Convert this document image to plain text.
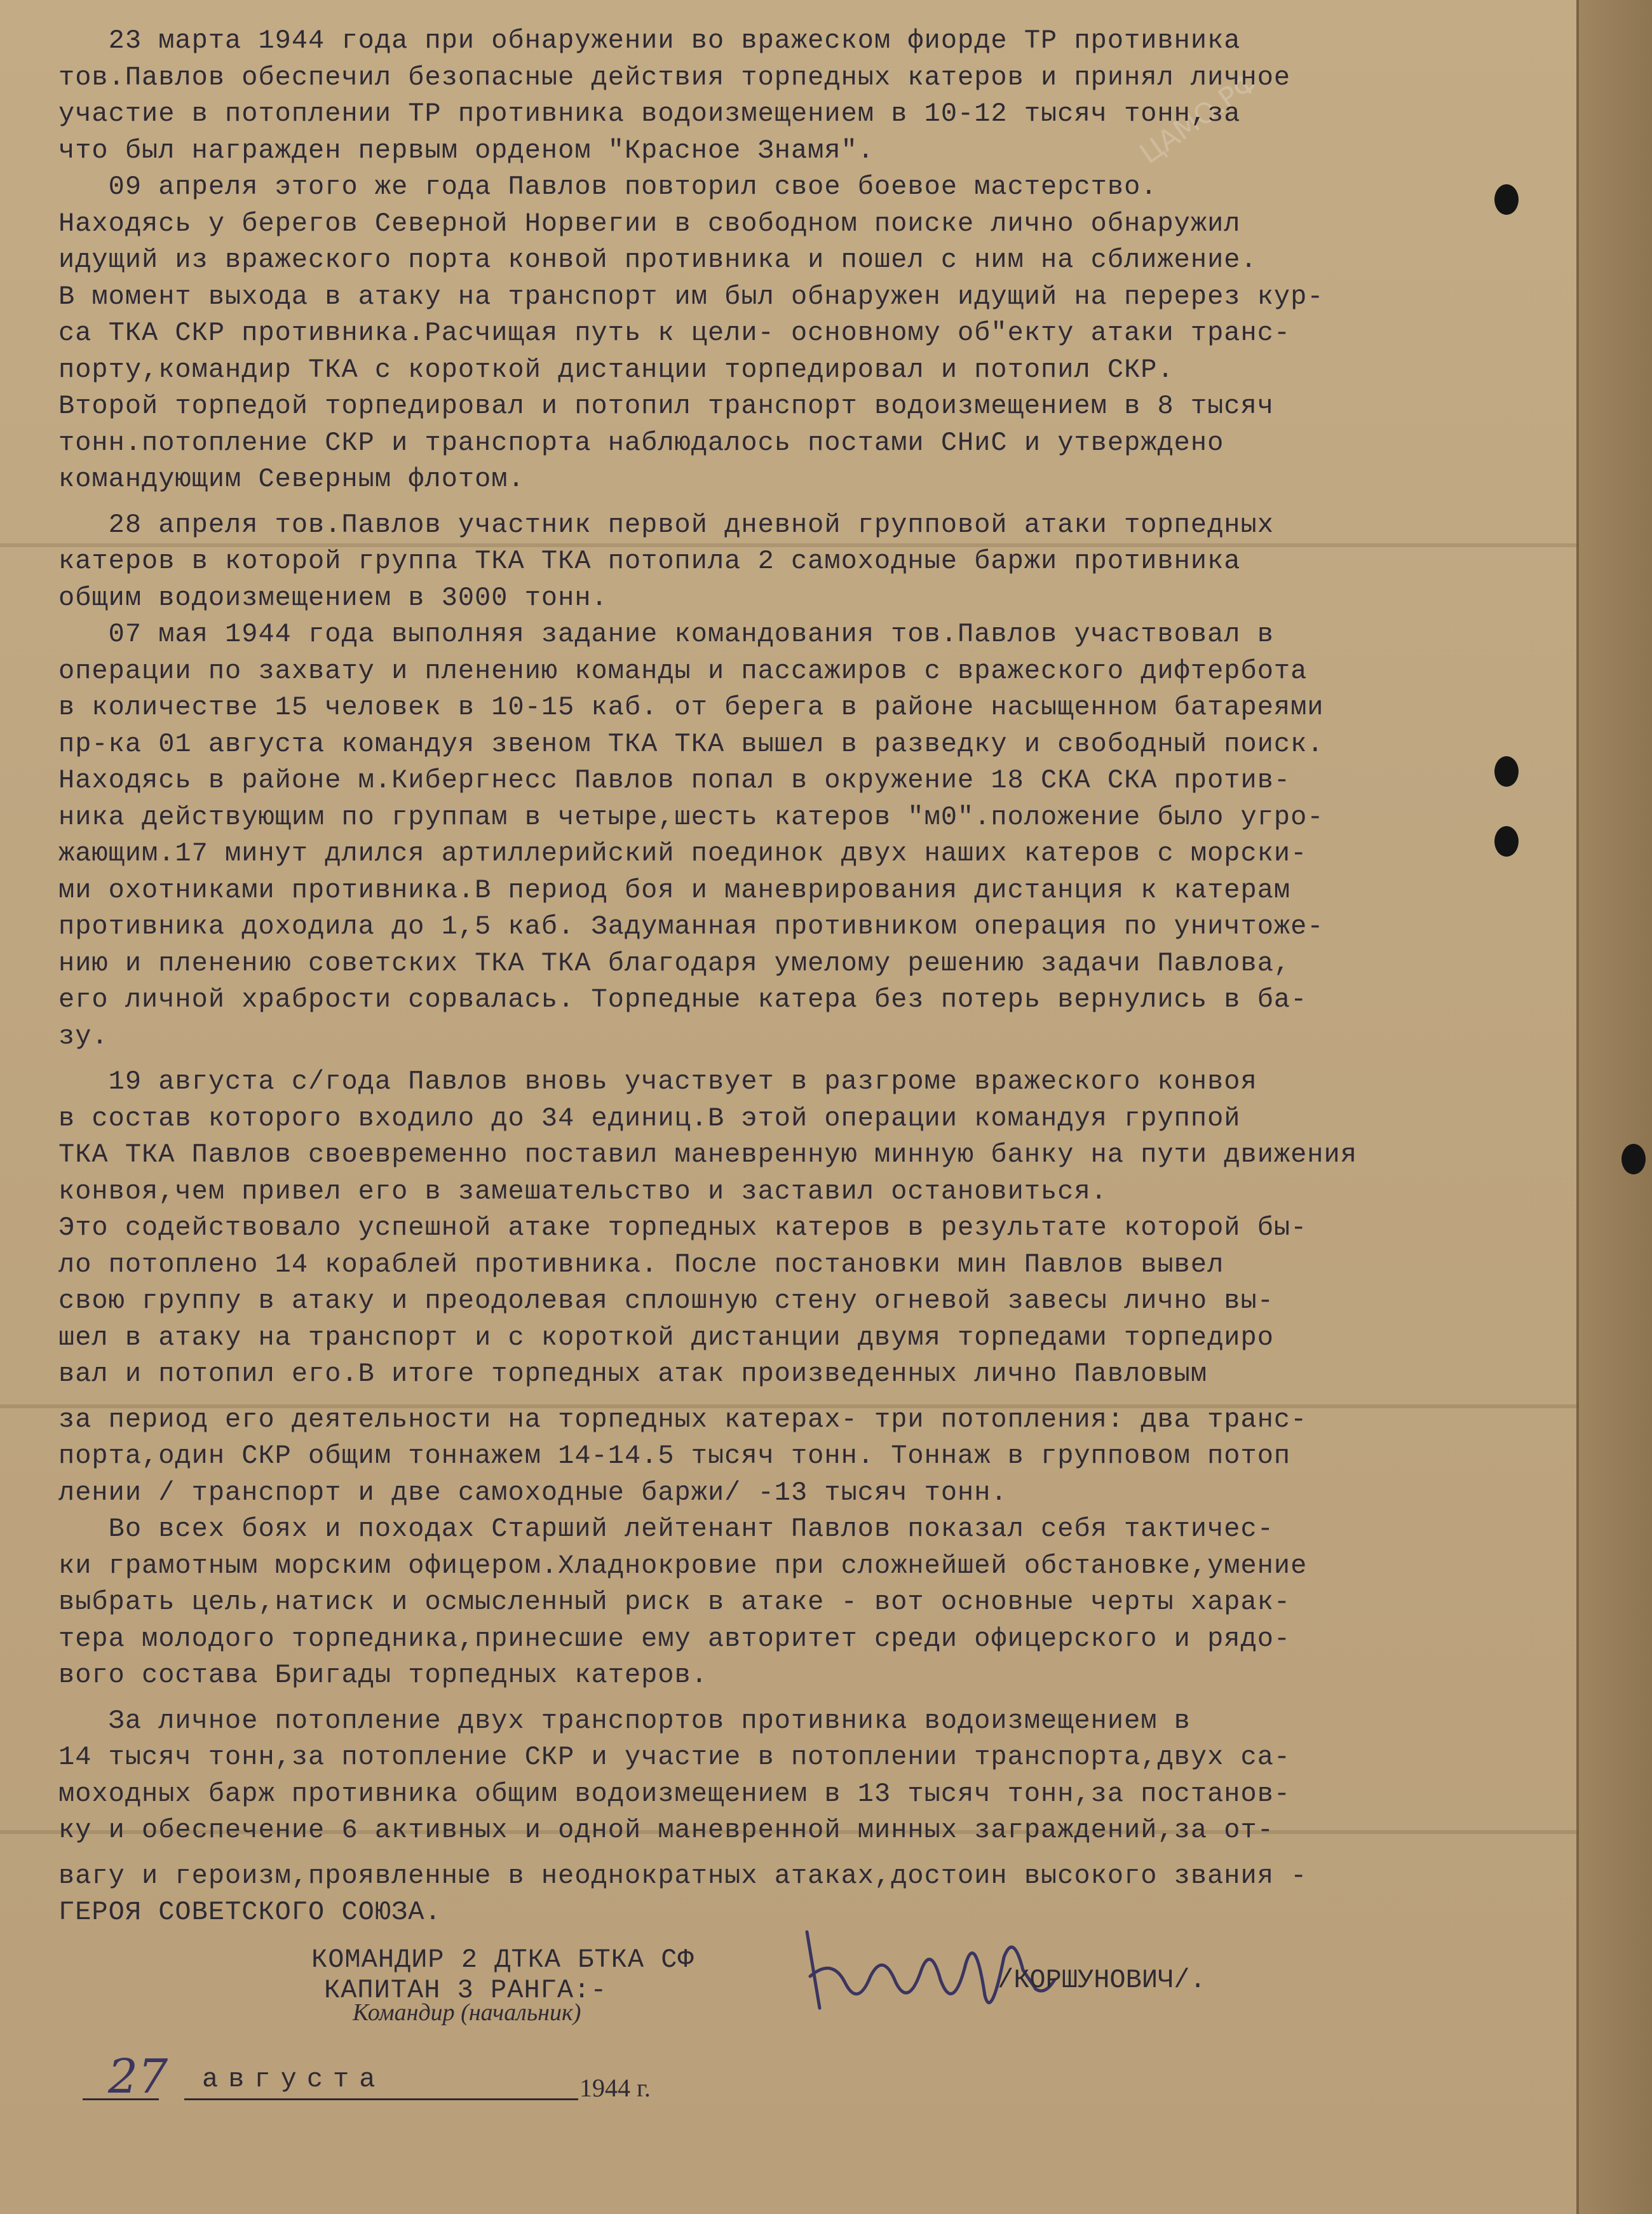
ЦАМО.РФ

23 марта 1944 года при обнаружении во вражеском фиорде ТР противника

тов.Павлов обеспечил безопасные действия торпедных катеров и принял личное

участие в потоплении ТР противника водоизмещением в 10-12 тысяч тонн,за

что был награжден первым орденом "Красное Знамя".

09 апреля этого же года Павлов повторил свое боевое мастерство.

Находясь у берегов Северной Норвегии в свободном поиске лично обнаружил

идущий из вражеского порта конвой противника и пошел с ним на сближение.

В момент выхода в атаку на транспорт им был обнаружен идущий на перерез кур-

са ТКА СКР противника.Расчищая путь к цели- основному об"екту атаки транс-

порту,командир ТКА с короткой дистанции торпедировал и потопил СКР.

Второй торпедой торпедировал и потопил транспорт водоизмещением в 8 тысяч

тонн.потопление СКР и транспорта наблюдалось постами СНиС и утверждено

командующим Северным флотом.

28 апреля тов.Павлов участник первой дневной групповой атаки торпедных

катеров в которой группа ТКА ТКА потопила 2 самоходные баржи противника

общим водоизмещением в 3000 тонн.

07 мая 1944 года выполняя задание командования тов.Павлов участвовал в

операции по захвату и пленению команды и пассажиров с вражеского дифтербота

в количестве 15 человек в 10-15 каб. от берега в районе насыщенном батареями

пр-ка 01 августа командуя звеном ТКА ТКА вышел в разведку и свободный поиск.

Находясь в районе м.Кибергнесс Павлов попал в окружение 18 СКА СКА против-

ника действующим по группам в четыре,шесть катеров "м0".положение было угро-

жающим.17 минут длился артиллерийский поединок двух наших катеров с морски-

ми охотниками противника.В период боя и маневрирования дистанция к катерам

противника доходила до 1,5 каб. Задуманная противником операция по уничтоже-

нию и пленению советских ТКА ТКА благодаря умелому решению задачи Павлова,

его личной храбрости сорвалась. Торпедные катера без потерь вернулись в ба-

зу.

19 августа с/года Павлов вновь участвует в разгроме вражеского конвоя

в состав которого входило до 34 единиц.В этой операции командуя группой

ТКА ТКА Павлов своевременно поставил маневренную минную банку на пути движения

конвоя,чем привел его в замешательство и заставил остановиться.

Это содействовало успешной атаке торпедных катеров в результате которой бы-

ло потоплено 14 кораблей противника. После постановки мин Павлов вывел

свою группу в атаку и преодолевая сплошную стену огневой завесы лично вы-

шел в атаку на транспорт и с короткой дистанции двумя торпедами торпедиро

вал и потопил его.В итоге торпедных атак произведенных лично Павловым

за период его деятельности на торпедных катерах- три потопления: два транс-

порта,один СКР общим тоннажем 14-14.5 тысяч тонн. Тоннаж в групповом потоп

лении / транспорт и две самоходные баржи/ -13 тысяч тонн.

Во всех боях и походах Старший лейтенант Павлов показал себя тактичес-

ки грамотным морским офицером.Хладнокровие при сложнейшей обстановке,умение

выбрать цель,натиск и осмысленный риск в атаке - вот основные черты харак-

тера молодого торпедника,принесшие ему авторитет среди офицерского и рядо-

вого состава Бригады торпедных катеров.

За личное потопление двух транспортов противника водоизмещением в

14 тысяч тонн,за потопление СКР и участие в потоплении транспорта,двух са-

моходных барж противника общим водоизмещением в 13 тысяч тонн,за постанов-

ку и обеспечение 6 активных и одной маневренной минных заграждений,за от-

вагу и героизм,проявленные в неоднократных атаках,достоин высокого звания -

ГЕРОЯ СОВЕТСКОГО СОЮЗА.

КОМАНДИР 2 ДТКА БТКА СФ
КАПИТАН 3 РАНГА:-
Командир (начальник)
/КОРШУНОВИЧ/.
27 августа	1944 г.
